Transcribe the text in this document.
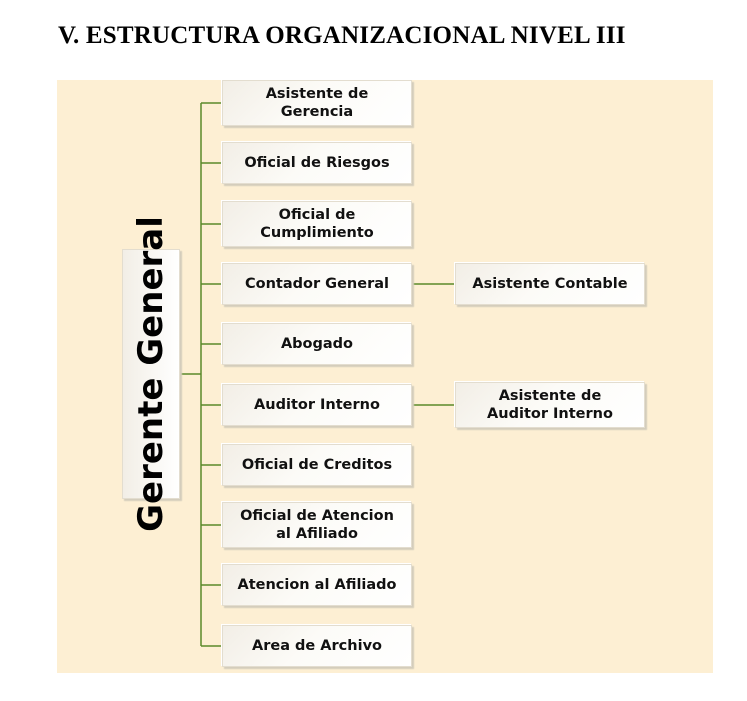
V. ESTRUCTURA ORGANIZACIONAL NIVEL III
Gerente General
Asistente de
Gerencia
Oficial de Riesgos
Oficial de
Cumplimiento
Contador General
Abogado
Auditor Interno
Oficial de Creditos
Oficial de Atencion
al Afiliado
Atencion al Afiliado
Area de Archivo
Asistente Contable
Asistente de
Auditor Interno
